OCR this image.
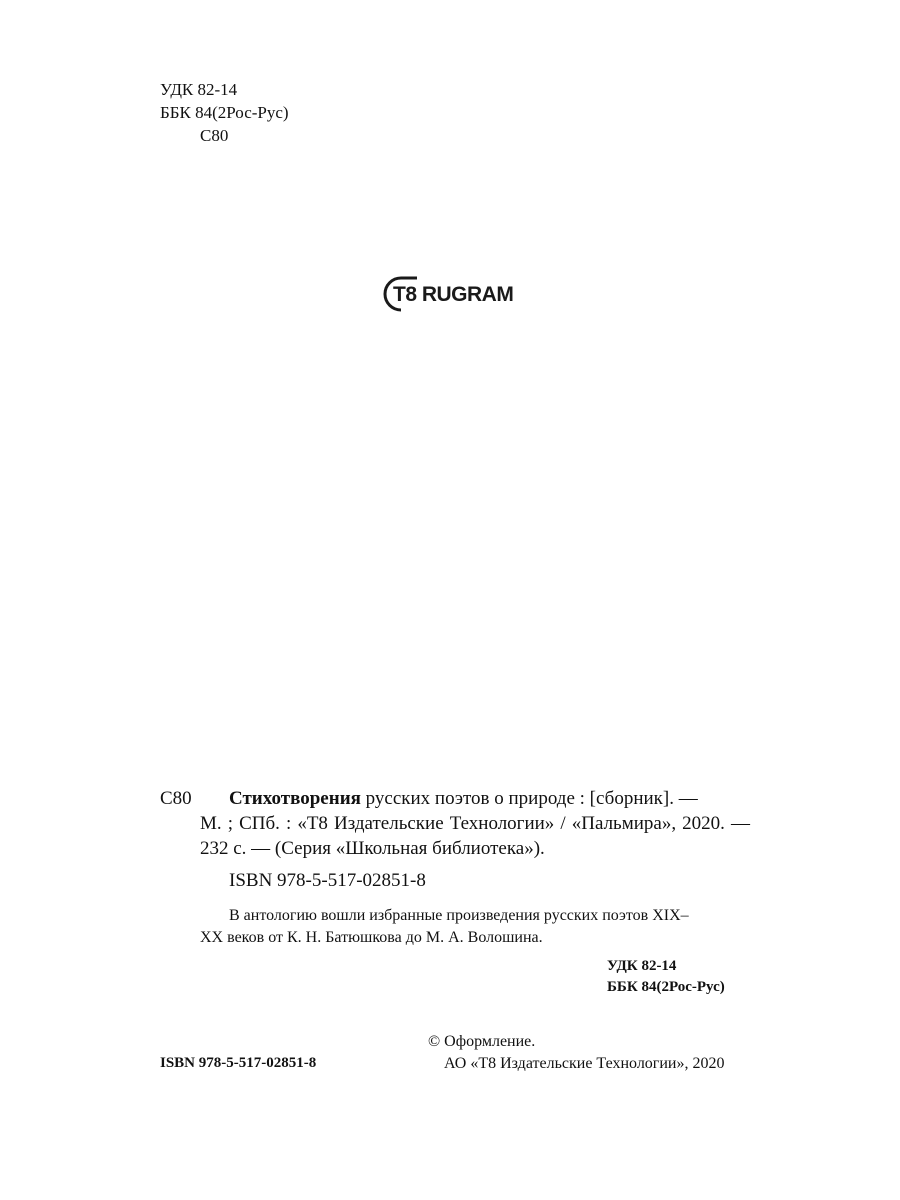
УДК 82-14
ББК 84(2Рос-Рус)
С80
T8 RUGRAM
С80	Стихотворения русских поэтов о природе : [сборник]. —
М. ; СПб. : «Т8 Издательские Технологии» / «Пальмира», 2020. — 232 с. — (Серия «Школьная библиотека»).
ISBN 978-5-517-02851-8
В антологию вошли избранные произведения русских поэтов XIX–
XX веков от К. Н. Батюшкова до М. А. Волошина.
УДК 82-14
ББК 84(2Рос-Рус)
© Оформление.
АО «Т8 Издательские Технологии», 2020
ISBN 978-5-517-02851-8
